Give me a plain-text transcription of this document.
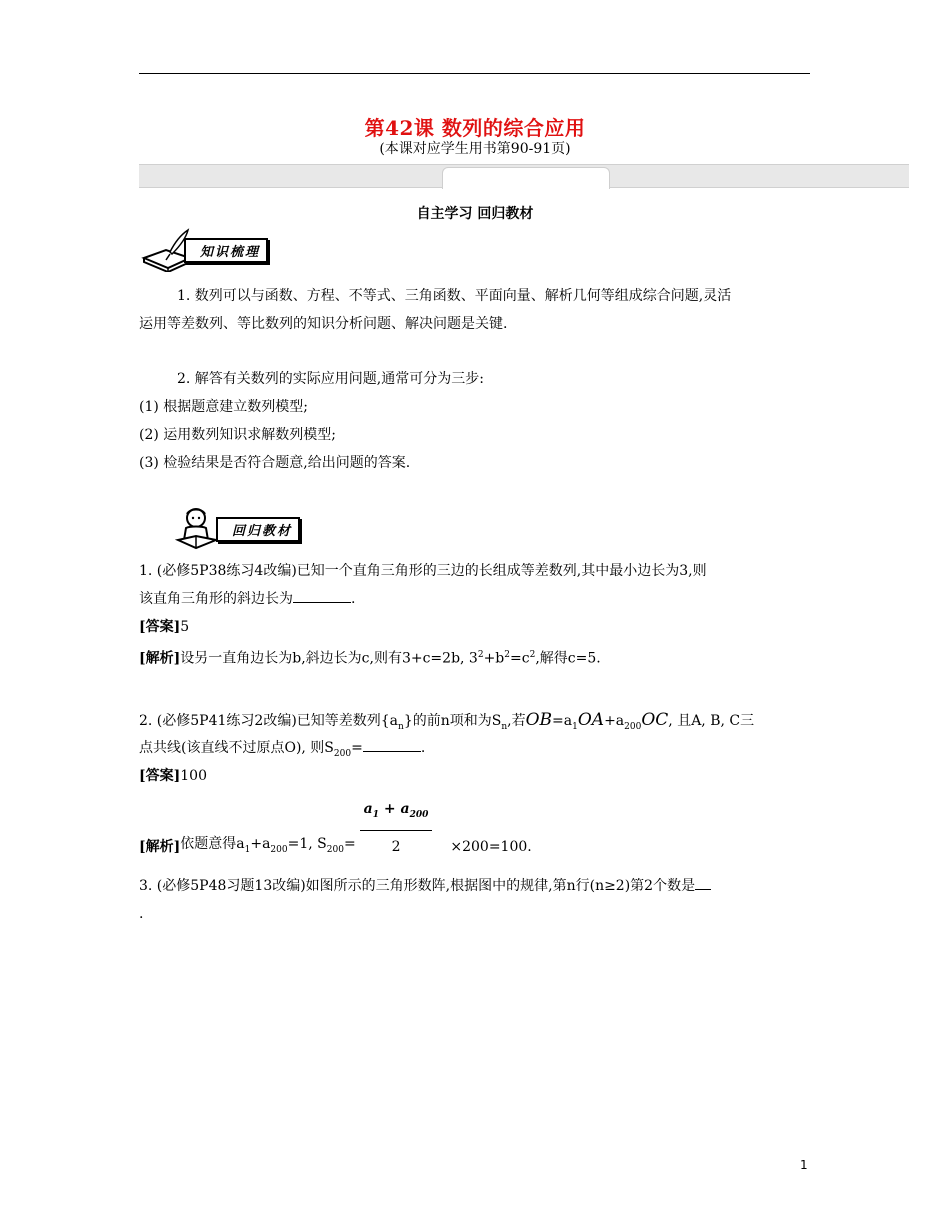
第42课 数列的综合应用
(本课对应学生用书第90-91页)
自主学习 回归教材
知识梳理
1. 数列可以与函数、方程、不等式、三角函数、平面向量、解析几何等组成综合问题,灵活
运用等差数列、等比数列的知识分析问题、解决问题是关键.
2. 解答有关数列的实际应用问题,通常可分为三步:
(1) 根据题意建立数列模型;
(2) 运用数列知识求解数列模型;
(3) 检验结果是否符合题意,给出问题的答案.
回归教材
1. (必修5P38练习4改编)已知一个直角三角形的三边的长组成等差数列,其中最小边长为3,则
该直角三角形的斜边长为	.
[答案]5
[解析]设另一直角边长为b,斜边长为c,则有3+c=2b, $3^2+b^2=c^2$,解得c=5.
2. (必修5P41练习2改编)已知等差数列$\{a_n\}$的前n项和为$S_n$,若$OB=a_1OA+a_{200}OC$, 且A, B, C三
点共线(该直线不过原点O), 则$S_{200}=$	.
[答案]100
[解析] 依题意得$a_1+a_{200}=1$, $S_{200}= \frac{a_1 + a_{200}}{2} \times 200=100$.
3. (必修5P48习题13改编)如图所示的三角形数阵,根据图中的规律,第n行(n≥2)第2个数是
.
1
